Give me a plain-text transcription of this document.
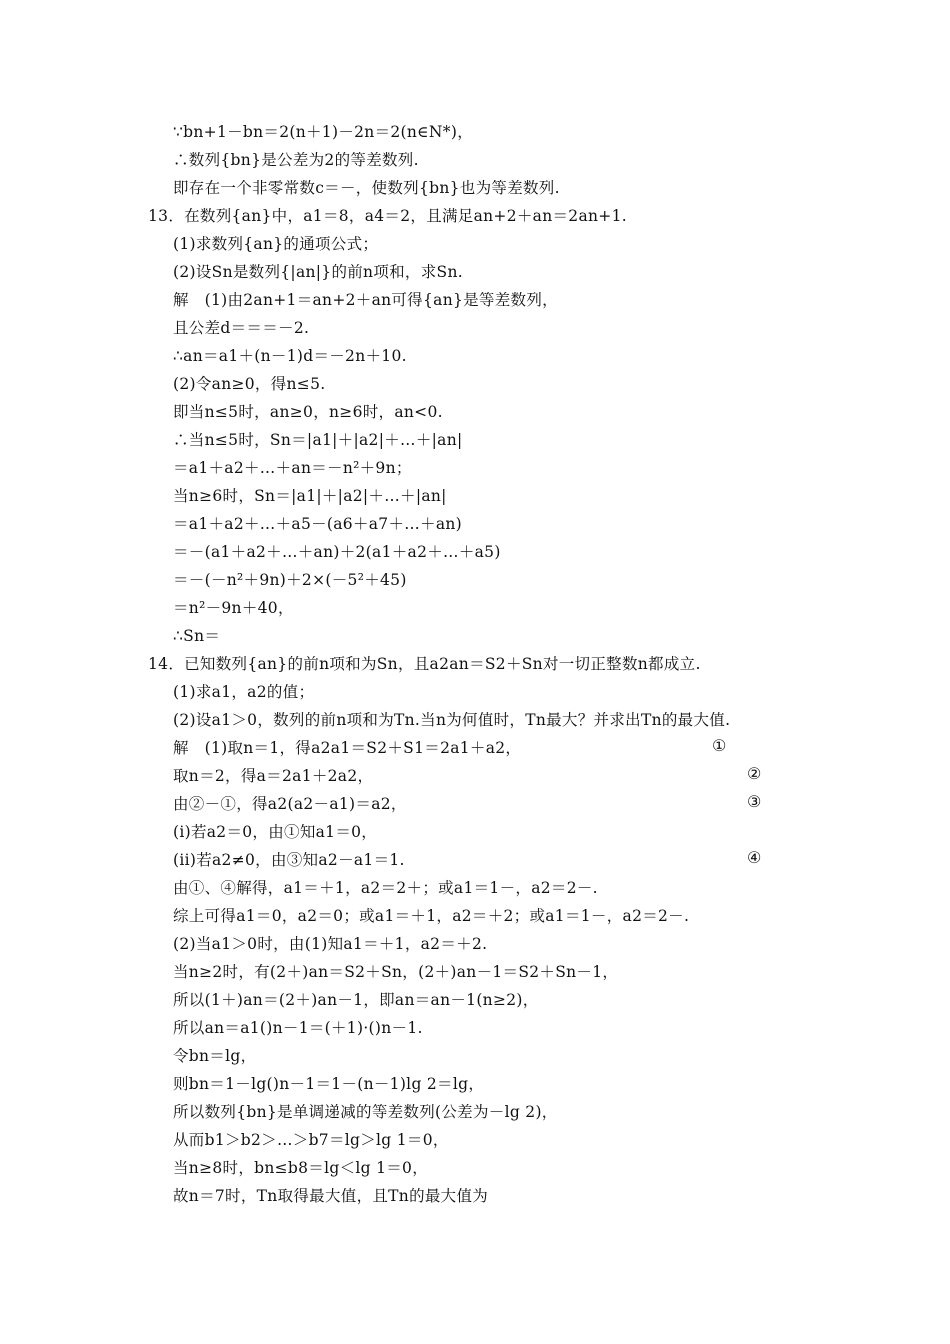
∵bn+1－bn＝2(n＋1)－2n＝2(n∈N*)，
∴数列{bn}是公差为2的等差数列.
即存在一个非零常数c＝－，使数列{bn}也为等差数列.
13．在数列{an}中，a1＝8，a4＝2，且满足an+2＋an＝2an+1.
(1)求数列{an}的通项公式；
(2)设Sn是数列{|an|}的前n项和，求Sn.
解　(1)由2an+1＝an+2＋an可得{an}是等差数列，
且公差d＝＝＝－2.
∴an＝a1＋(n－1)d＝－2n＋10.
(2)令an≥0，得n≤5.
即当n≤5时，an≥0，n≥6时，an<0.
∴当n≤5时，Sn＝|a1|＋|a2|＋…＋|an|
＝a1＋a2＋…＋an＝－n²＋9n；
当n≥6时，Sn＝|a1|＋|a2|＋…＋|an|
＝a1＋a2＋…＋a5－(a6＋a7＋…＋an)
＝－(a1＋a2＋…＋an)＋2(a1＋a2＋…＋a5)
＝－(－n²＋9n)＋2×(－5²＋45)
＝n²－9n＋40，
∴Sn＝
14．已知数列{an}的前n项和为Sn，且a2an＝S2＋Sn对一切正整数n都成立.
(1)求a1，a2的值；
(2)设a1＞0，数列的前n项和为Tn.当n为何值时，Tn最大？并求出Tn的最大值.
解　(1)取n＝1，得a2a1＝S2＋S1＝2a1＋a2，
取n＝2，得a＝2a1＋2a2，
由②－①，得a2(a2－a1)＝a2，
(i)若a2＝0，由①知a1＝0，
(ii)若a2≠0，由③知a2－a1＝1.
由①、④解得，a1＝＋1，a2＝2＋；或a1＝1－，a2＝2－.
综上可得a1＝0，a2＝0；或a1＝＋1，a2＝＋2；或a1＝1－，a2＝2－.
(2)当a1＞0时，由(1)知a1＝＋1，a2＝＋2.
当n≥2时，有(2＋)an＝S2＋Sn，(2＋)an－1＝S2＋Sn－1，
所以(1＋)an＝(2＋)an－1，即an＝an－1(n≥2)，
所以an＝a1()n－1＝(＋1)·()n－1.
令bn＝lg，
则bn＝1－lg()n－1＝1－(n－1)lg 2＝lg，
所以数列{bn}是单调递减的等差数列(公差为－lg 2)，
从而b1＞b2＞…＞b7＝lg＞lg 1＝0，
当n≥8时，bn≤b8＝lg＜lg 1＝0，
故n＝7时，Tn取得最大值，且Tn的最大值为
①
②
③
④
